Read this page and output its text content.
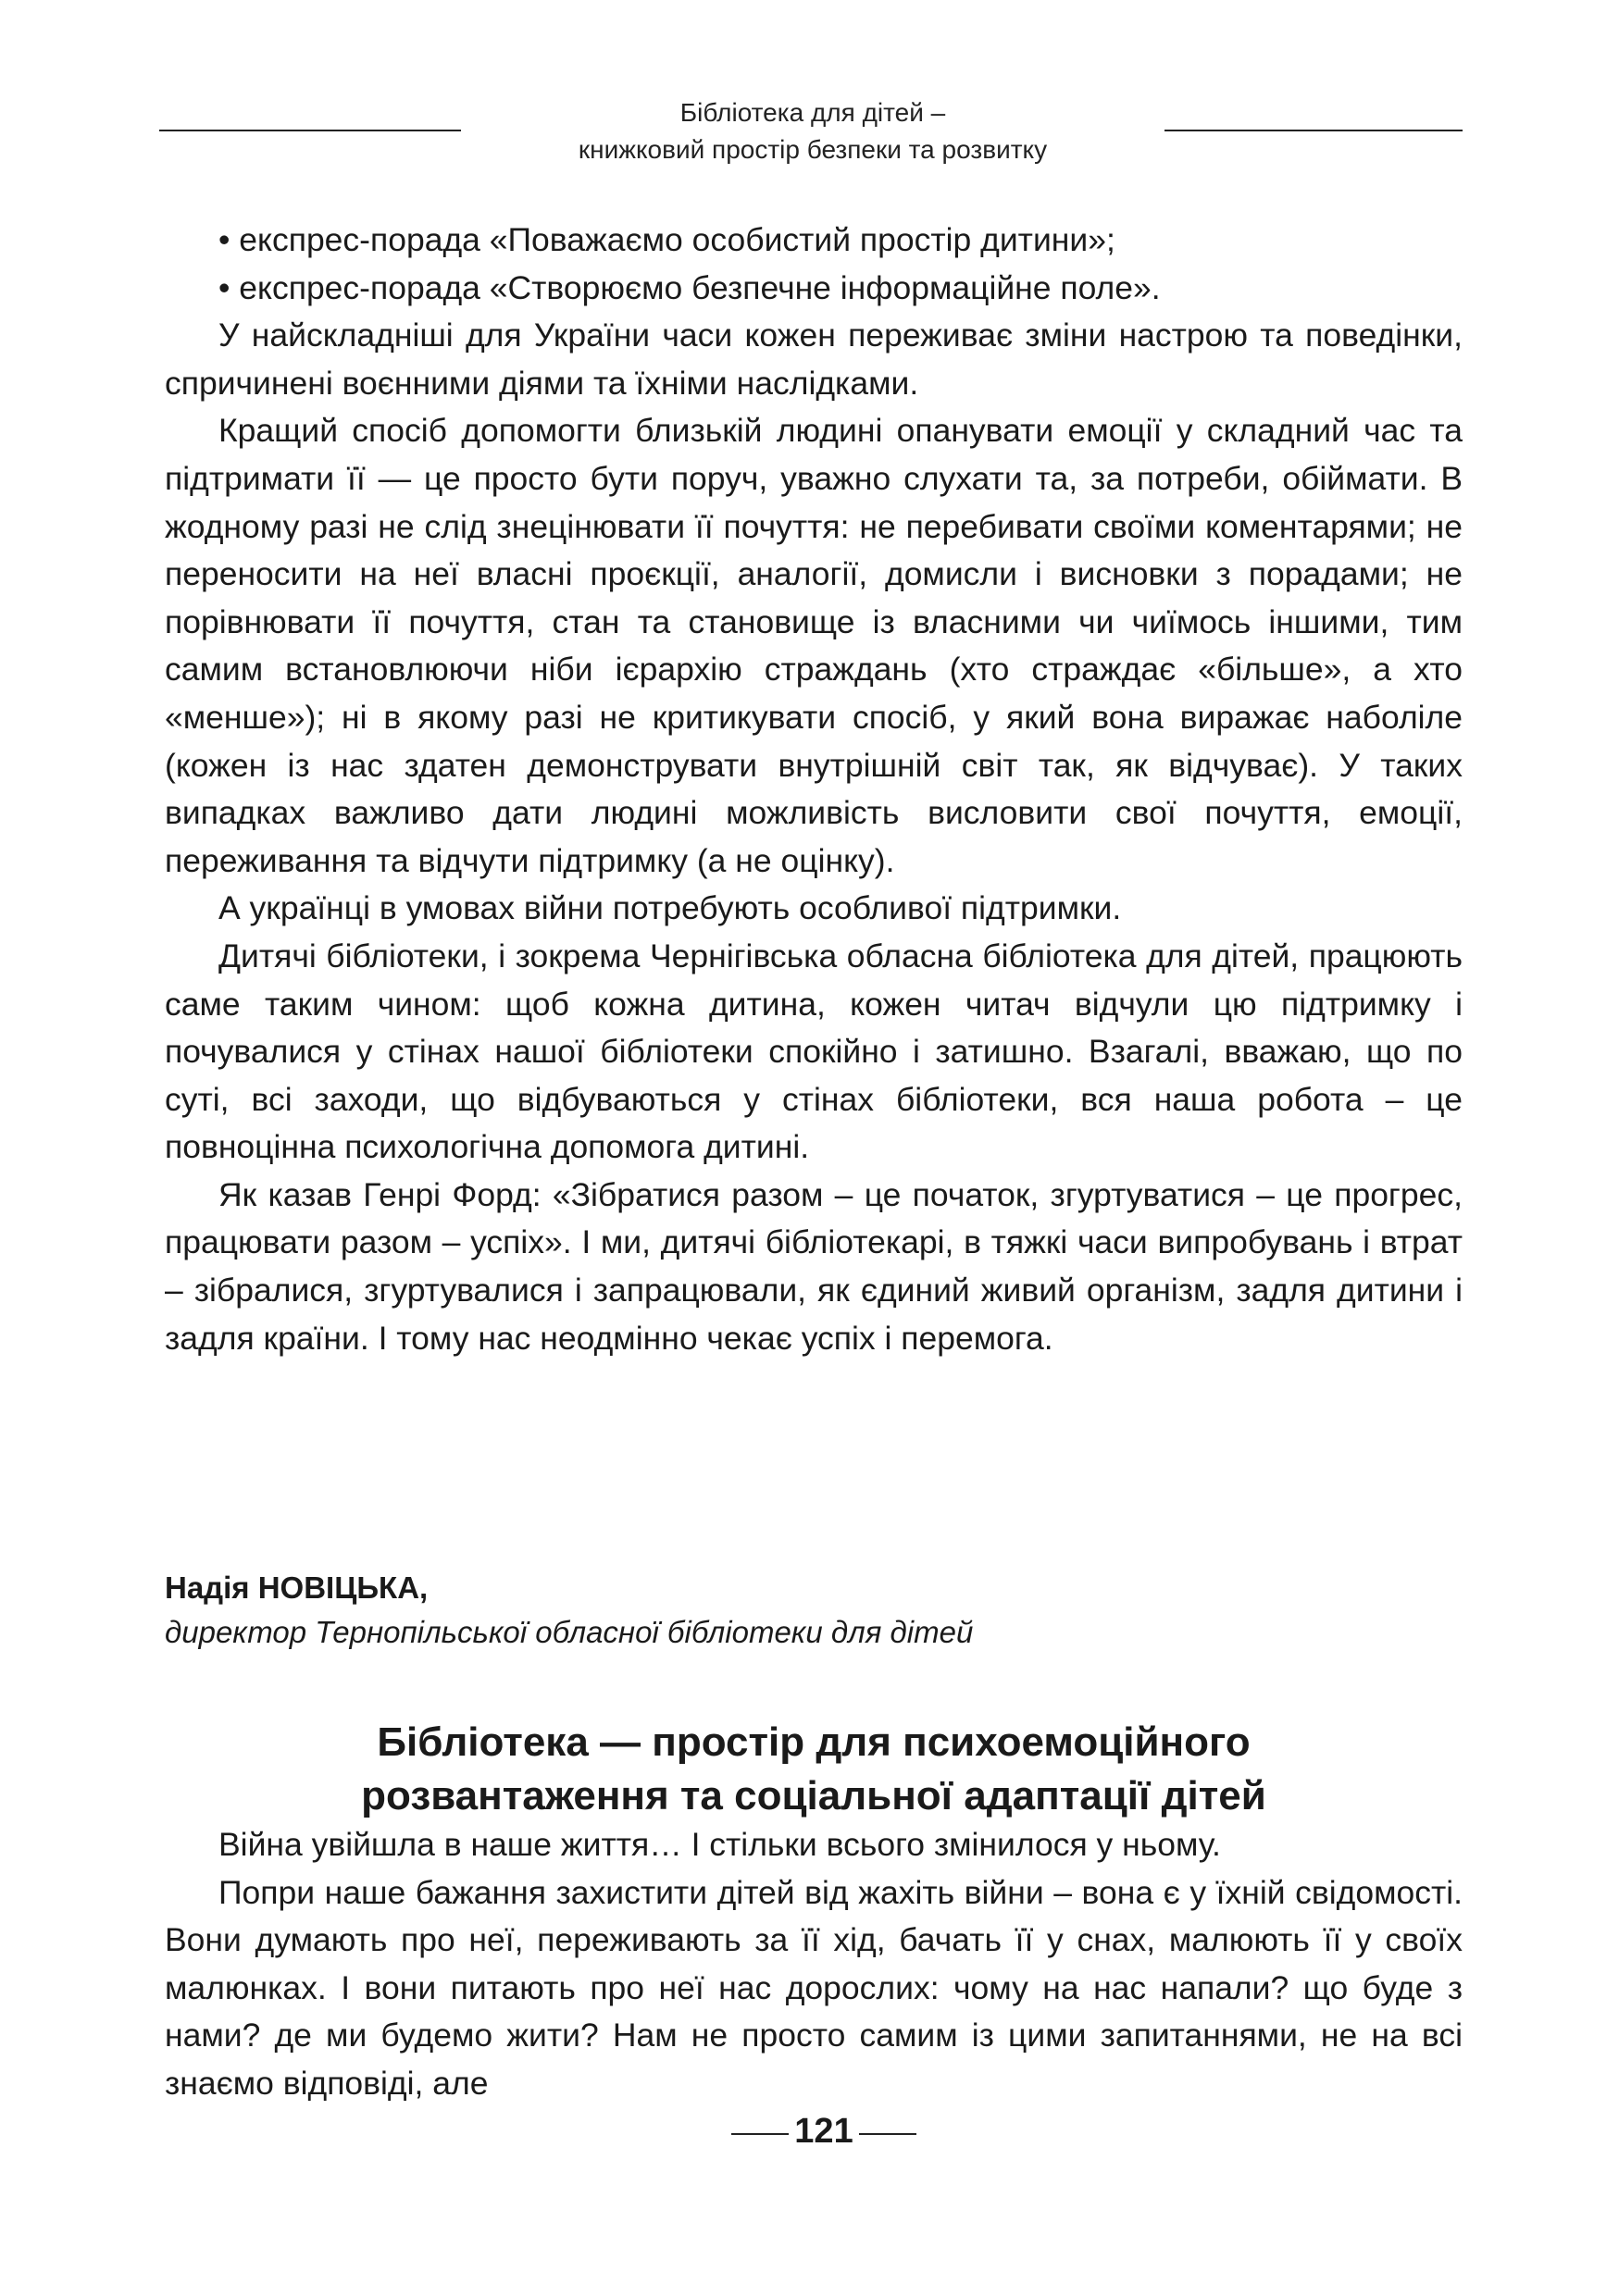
Бібліотека для дітей –
книжковий простір безпеки та розвитку

• експрес-порада «Поважаємо особистий простір дитини»;

• експрес-порада «Створюємо безпечне інформаційне поле».

У найскладніші для України часи кожен переживає зміни настрою та поведінки, спричинені воєнними діями та їхніми наслідками.

Кращий спосіб допомогти близькій людині опанувати емоції у складний час та підтримати її — це просто бути поруч, уважно слухати та, за потреби, обіймати. В жодному разі не слід знецінювати її почуття: не перебивати своїми коментарями; не переносити на неї власні проєкції, аналогії, домисли і висновки з порадами; не порівнювати її почуття, стан та становище із власними чи чиїмось іншими, тим самим встановлюючи ніби ієрархію страждань (хто страждає «більше», а хто «менше»); ні в якому разі не критикувати спосіб, у який вона виражає наболіле (кожен із нас здатен демонструвати внутрішній світ так, як відчуває). У таких випадках важливо дати людині можливість висловити свої почуття, емоції, переживання та відчути підтримку (а не оцінку).

А українці в умовах війни потребують особливої підтримки.

Дитячі бібліотеки, і зокрема Чернігівська обласна бібліотека для дітей, працюють саме таким чином: щоб кожна дитина, кожен читач відчули цю підтримку і почувалися у стінах нашої бібліотеки спокійно і затишно. Взагалі, вважаю, що по суті, всі заходи, що відбуваються у стінах бібліотеки, вся наша робота – це повноцінна психологічна допомога дитині.

Як казав Генрі Форд: «Зібратися разом – це початок, згуртуватися – це прогрес, працювати разом – успіх». І ми, дитячі бібліотекарі, в тяжкі часи випробувань і втрат – зібралися, згуртувалися і запрацювали, як єдиний живий організм, задля дитини і задля країни. І тому нас неодмінно чекає успіх і перемога.

Надія НОВІЦЬКА,
директор Тернопільської обласної бібліотеки для дітей
Бібліотека — простір для психоемоційного
розвантаження та соціальної адаптації дітей

Війна увійшла в наше життя… І стільки всього змінилося у ньому.

Попри наше бажання захистити дітей від жахіть війни – вона є у їхній свідомості. Вони думають про неї, переживають за її хід, бачать її у снах, малюють її у своїх малюнках. І вони питають про неї нас дорослих: чому на нас напали? що буде з нами? де ми будемо жити? Нам не просто самим із цими запитаннями, не на всі знаємо відповіді, але

121
